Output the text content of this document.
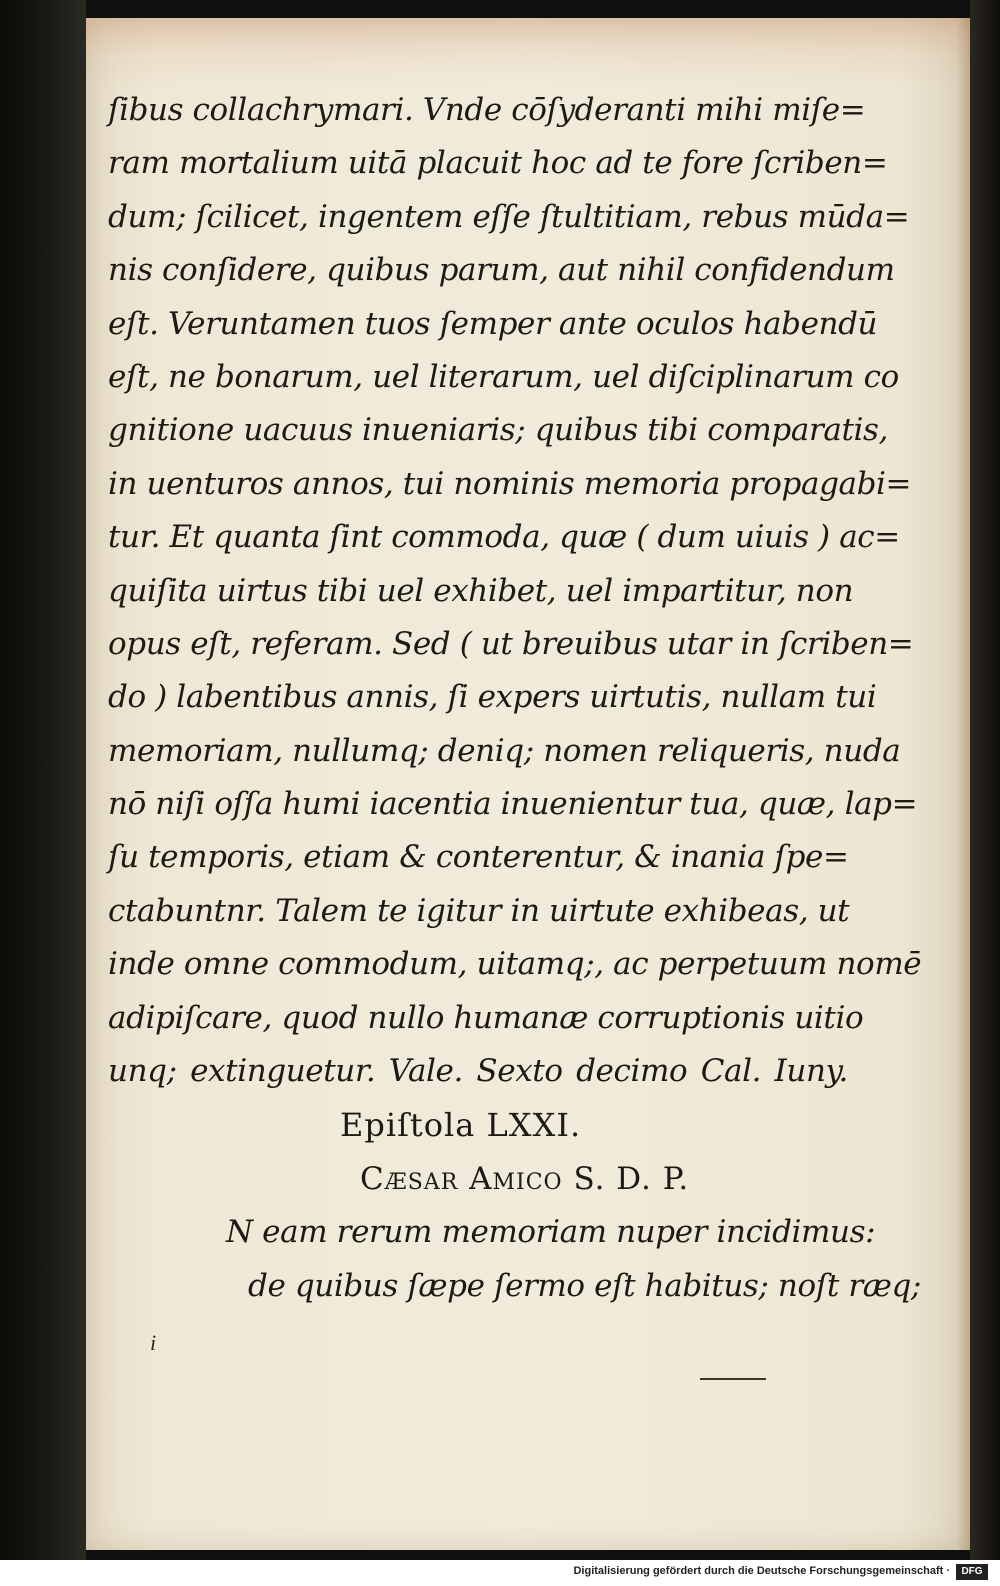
ſibus collachrymari. Vnde cōſyderanti mihi miſe=
ram mortalium uitā placuit hoc ad te fore ſcriben=
dum; ſcilicet, ingentem eſſe ſtultitiam, rebus mūda=
nis conſidere, quibus parum, aut nihil confidendum
eſt. Veruntamen tuos ſemper ante oculos habendū
eſt, ne bonarum, uel literarum, uel diſciplinarum co
gnitione uacuus inueniaris; quibus tibi comparatis,
in uenturos annos, tui nominis memoria propagabi=
tur. Et quanta ſint commoda, quæ ( dum uiuis ) ac=
quiſita uirtus tibi uel exhibet, uel impartitur, non
opus eſt, referam. Sed ( ut breuibus utar in ſcriben=
do ) labentibus annis, ſi expers uirtutis, nullam tui
memoriam, nullumq; deniq; nomen reliqueris, nuda
nō niſi oſſa humi iacentia inuenientur tua, quæ, lap=
ſu temporis, etiam & conterentur, & inania ſpe=
ctabuntnr. Talem te igitur in uirtute exhibeas, ut
inde omne commodum, uitamq;, ac perpetuum nomē
adipiſcare, quod nullo humanæ corruptionis uitio
unq; extinguetur. Vale. Sexto decimo Cal. Iuny.
Epiſtola LXXI.
Cæſar Amico S. D. P.
N eam rerum memoriam nuper incidimus:
de quibus ſæpe ſermo eſt habitus; noſt ræq;
i
Digitalisierung gefördert durch die Deutsche Forschungsgemeinschaft ·	DFG
